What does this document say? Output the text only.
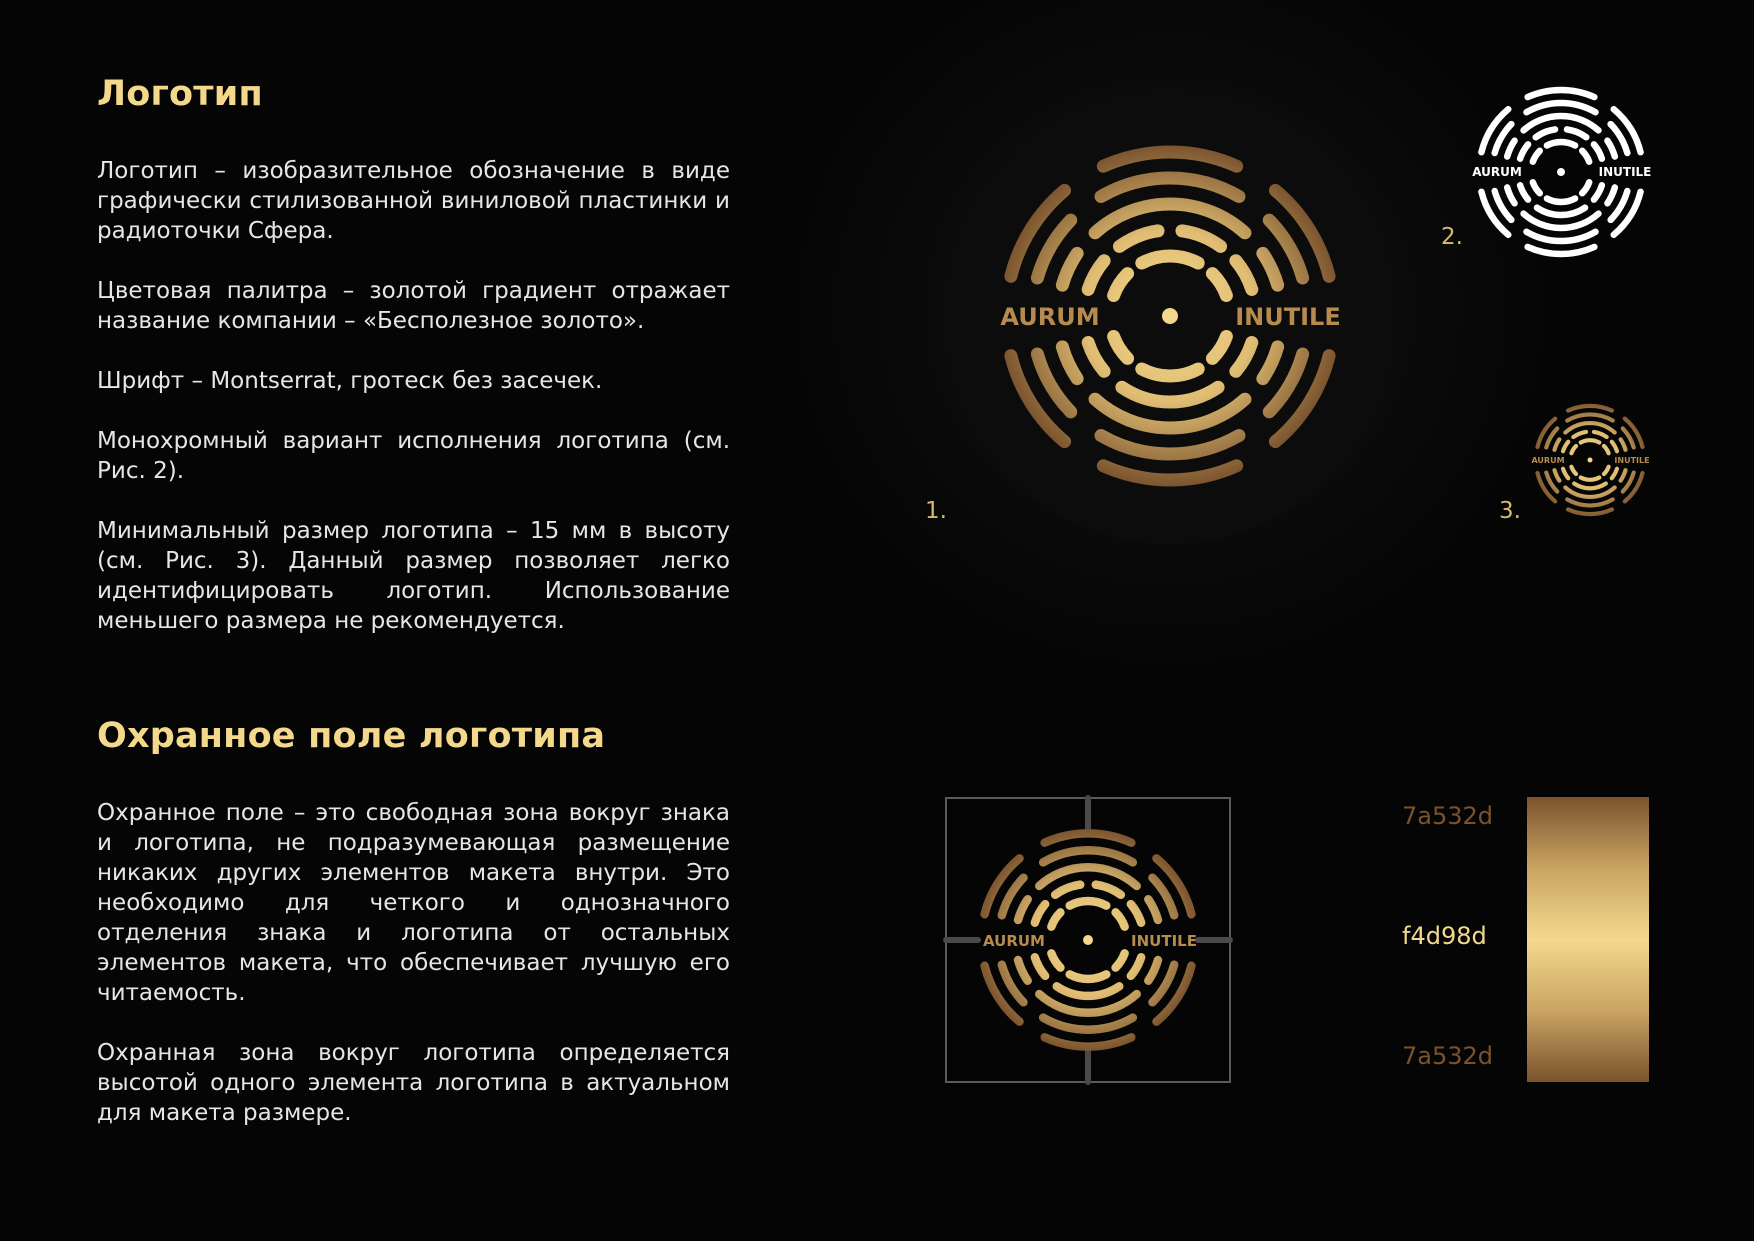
Логотип

Логотип – изобразительное обозначение в виде графически стилизованной виниловой пластинки и радиоточки Сфера.

Цветовая палитра – золотой градиент отражает название компании – «Бесполезное золото».

Шрифт – Montserrat, гротеск без засечек.

Монохромный вариант исполнения логотипа (см. Рис. 2).

Минимальный размер логотипа – 15 мм в высоту (см. Рис. 3). Данный размер позволяет легко идентифицировать логотип. Использование меньшего размера не рекомендуется.

Охранное поле логотипа

Охранное поле – это свободная зона вокруг знака и логотипа, не подразумевающая размещение никаких других элементов макета внутри. Это необходимо для четкого и однозначного отделения знака и логотипа от остальных элементов макета, что обеспечивает лучшую его читаемость.

Охранная зона вокруг логотипа определяется высотой одного элемента логотипа в актуальном для макета размере.

AURUM	INUTILE
1.
AURUM	INUTILE
2.
AURUM	INUTILE
3.
AURUM	INUTILE
7a532d
f4d98d
7a532d
